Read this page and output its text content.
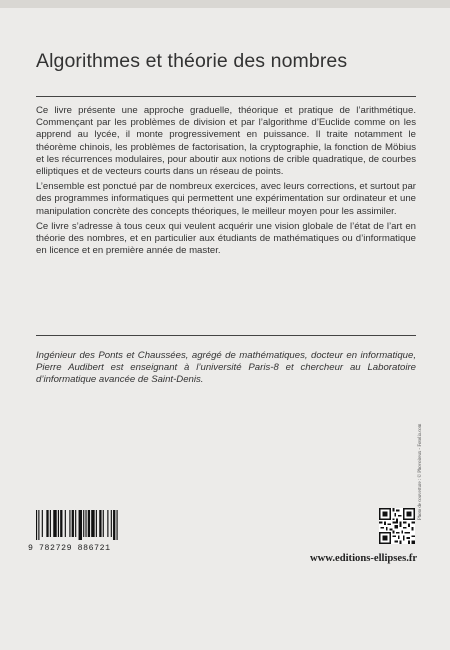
Algorithmes et théorie des nombres

Ce livre présente une approche graduelle, théorique et pratique de l’arithmétique. Commençant par les problèmes de division et par l’algorithme d’Euclide comme on les apprend au lycée, il monte progressivement en puissance. Il traite notamment le théorème chinois, les problèmes de factorisation, la cryptographie, la fonction de Möbius et les récurrences modulaires, pour aboutir aux notions de crible quadratique, de courbes elliptiques et de vecteurs courts dans un réseau de points.

L’ensemble est ponctué par de nombreux exercices, avec leurs corrections, et surtout par des programmes informatiques qui permettent une expérimentation sur ordinateur et une manipulation concrète des concepts théoriques, le meilleur moyen pour les assimiler.

Ce livre s’adresse à tous ceux qui veulent acquérir une vision globale de l’état de l’art en théorie des nombres, et en particulier aux étudiants de mathématiques ou d’informatique en licence et en première année de master.

Ingénieur des Ponts et Chaussées, agrégé de mathématiques, docteur en informatique, Pierre Audibert est enseignant à l’université Paris-8 et chercheur au Laboratoire d’informatique avancée de Saint-Denis.
Photo de couverture : © Phovoireux - Fotolia.com
9 782729 886721
www.editions-ellipses.fr
